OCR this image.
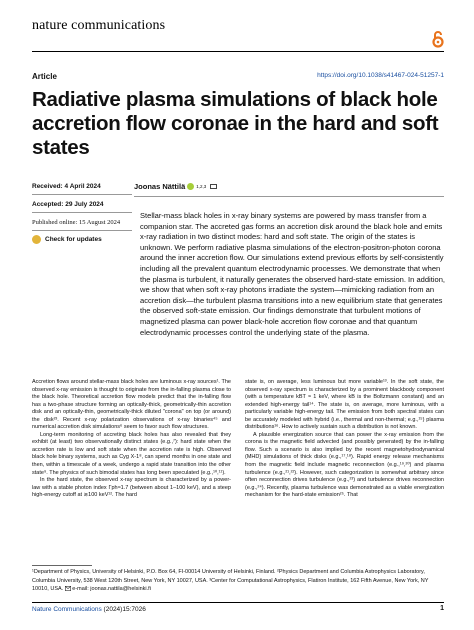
nature communications
Article	https://doi.org/10.1038/s41467-024-51257-1
Radiative plasma simulations of black hole accretion flow coronae in the hard and soft states
Received: 4 April 2024
Accepted: 29 July 2024
Published online: 15 August 2024
Check for updates
Joonas Nättilä 1,2,3

Stellar-mass black holes in x-ray binary systems are powered by mass transfer from a companion star. The accreted gas forms an accretion disk around the black hole and emits x-ray radiation in two distinct modes: hard and soft state. The origin of the states is unknown. We perform radiative plasma simulations of the electron-positron-photon corona around the inner accretion flow. Our simulations extend previous efforts by self-consistently including all the prevalent quantum electrodynamic processes. We demonstrate that when the plasma is turbulent, it naturally generates the observed hard-state emission. In addition, we show that when soft x-ray photons irradiate the system—mimicking radiation from an accretion disk—the turbulent plasma transitions into a new equilibrium state that generates the observed soft-state emission. Our findings demonstrate that turbulent motions of magnetized plasma can power black-hole accretion flow coronae and that quantum electrodynamic processes control the underlying state of the plasma.

Accretion flows around stellar-mass black holes are luminous x-ray sources¹. The observed x-ray emission is thought to originate from the in-falling plasma close to the black hole. Theoretical accretion flow models predict that the in-falling flow has a two-phase structure forming an optically-thick, geometrically-thin accretion disk and an optically-thin, geometrically-thick diluted "corona" on top (or around) the disk²³. Recent x-ray polarization observations of x-ray binaries⁴⁵ and numerical accretion disk simulations⁶ seem to favor such flow structures.

Long-term monitoring of accreting black holes has also revealed that they exhibit (at least) two observationally distinct states (e.g.,⁷): hard state when the accretion rate is low and soft state when the accretion rate is high. Observed black hole binary systems, such as Cyg X-1⁸, can spend months in one state and then, within a timescale of a week, undergo a rapid state transition into the other state⁹. The physics of such bimodal states has long been speculated (e.g.,¹⁰,¹¹).

In the hard state, the observed x-ray spectrum is characterized by a power-law with a stable photon index Γph≈1.7 (between about 1–100 keV), and a steep high-energy cutoff at ≳100 keV¹². The hard

state is, on average, less luminous but more variable¹³. In the soft state, the observed x-ray spectrum is characterized by a prominent blackbody component (with a temperature kBT ≈ 1 keV, where kB is the Boltzmann constant) and an extended high-energy tail¹⁴. The state is, on average, more luminous, with a particularly variable high-energy tail. The emission from both spectral states can be accurately modeled with hybrid (i.e., thermal and non-thermal; e.g.,¹⁵) plasma distributions¹⁶. How to actively sustain such a distribution is not known.

A plausible energization source that can power the x-ray emission from the corona is the magnetic field advected (and possibly generated) by the in-falling flow. Such a scenario is also implied by the recent magnetohydrodynamical (MHD) simulations of thick disks (e.g.,¹⁷,¹⁸). Rapid energy release mechanisms from the magnetic field include magnetic reconnection (e.g.,¹⁹,²⁰) and plasma turbulence (e.g.,²¹,²²). However, such categorization is somewhat arbitrary since often reconnection drives turbulence (e.g.,²³) and turbulence drives reconnection (e.g.,²⁴). Recently, plasma turbulence was demonstrated as a viable energization mechanism for the hard-state emission²⁵. That

¹Department of Physics, University of Helsinki, P.O. Box 64, FI-00014 University of Helsinki, Finland. ²Physics Department and Columbia Astrophysics Laboratory, Columbia University, 538 West 120th Street, New York, NY 10027, USA. ³Center for Computational Astrophysics, Flatiron Institute, 162 Fifth Avenue, New York, NY 10010, USA. e-mail: joonas.nattila@helsinki.fi
Nature Communications (2024)15:7026	1
